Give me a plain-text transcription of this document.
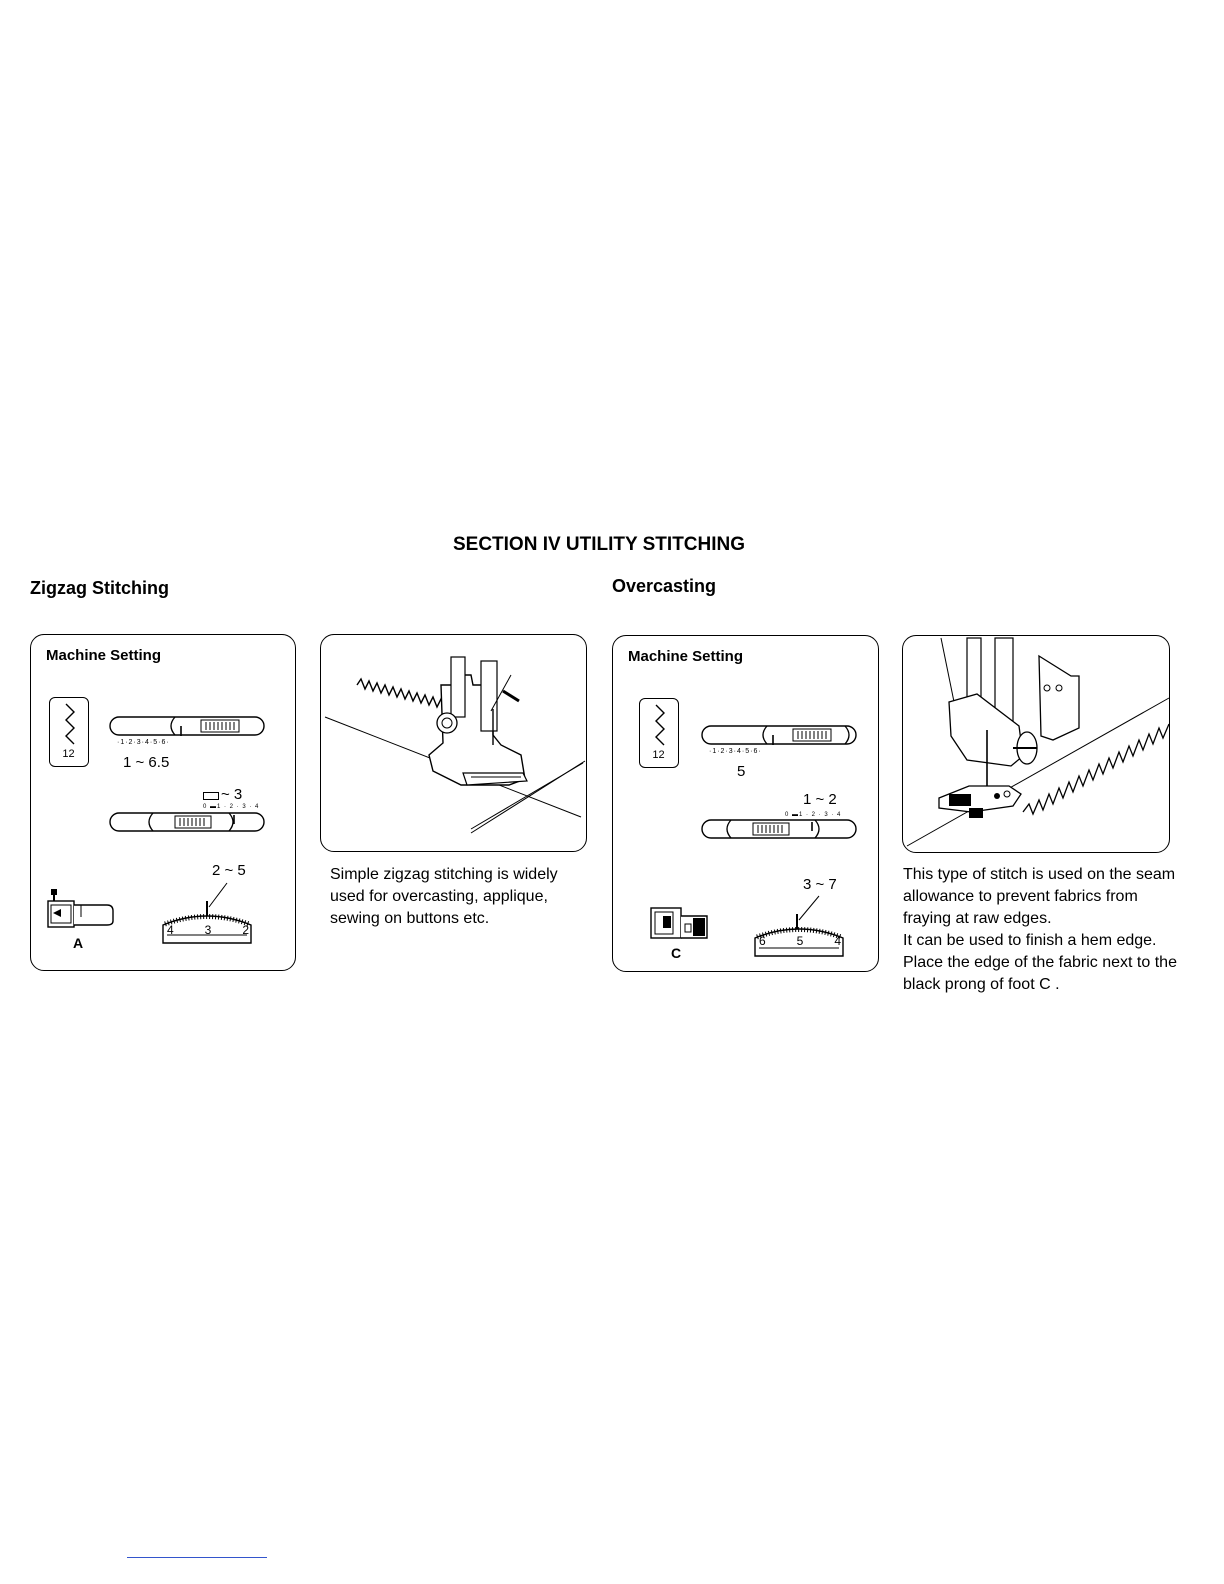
SECTION IV UTILITY STITCHING
Zigzag Stitching	Overcasting
Machine Setting
12
·1·2·3·4·5·6·
1 ~ 6.5
~ 3
0 ▬1 · 2 · 3 · 4
2 ~ 5
4	3	2
A
Simple zigzag stitching is widely used for overcasting, applique, sewing on buttons etc.
Machine Setting
12	·1·2·3·4·5·6·
5
1 ~ 2
0 ▬1 · 2 · 3 · 4
3 ~ 7
6	5	4
C

This type of stitch is used on the seam allowance to prevent fabrics from fraying at raw edges.

It can be used to finish a hem edge.

Place the edge of the fabric next to the black prong of foot C .
